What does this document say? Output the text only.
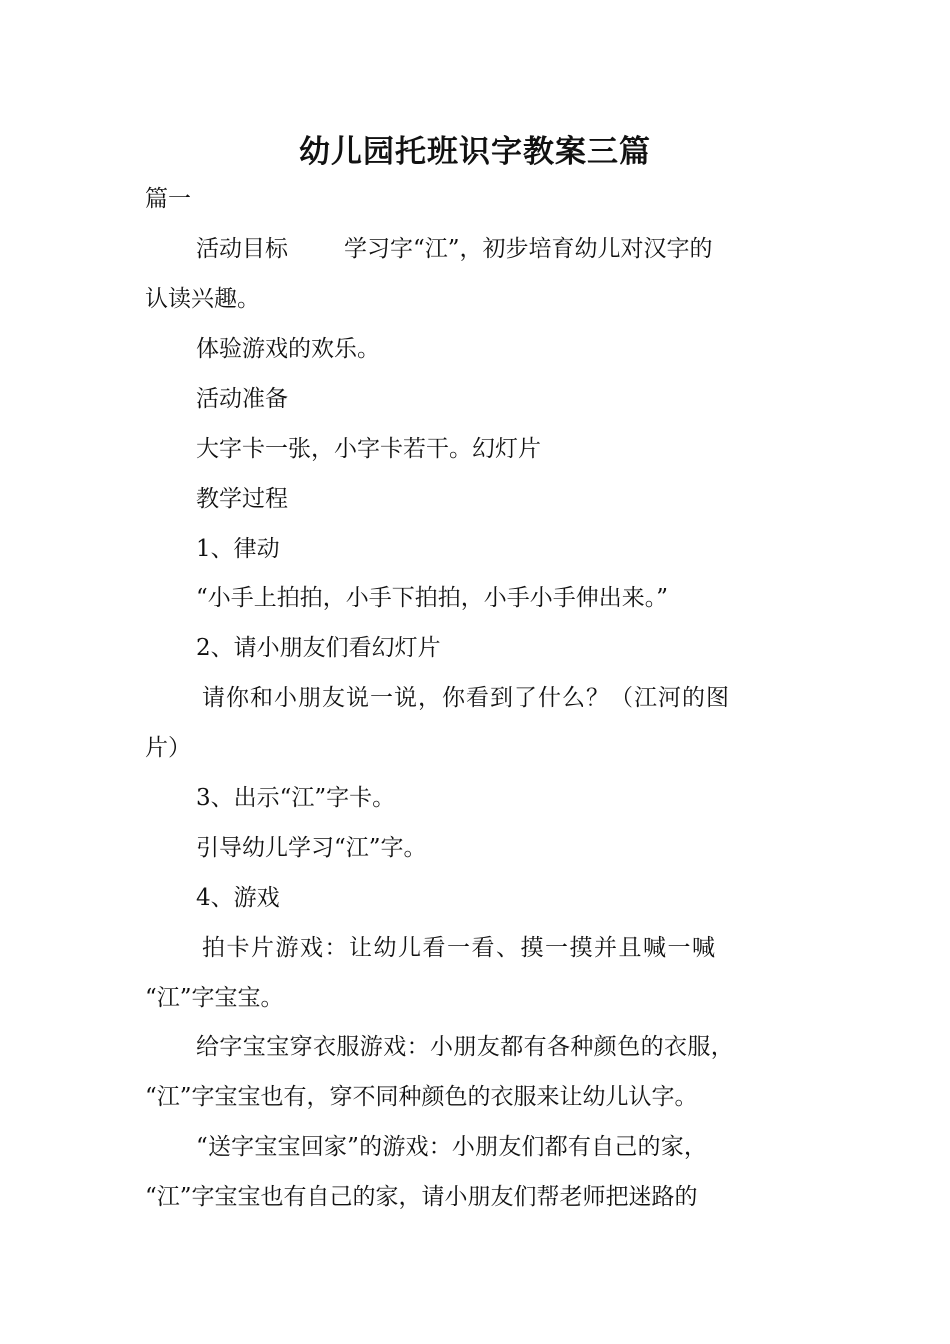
幼儿园托班识字教案三篇
篇一
活动目标 学习字“江”，初步培育幼儿对汉字的
认读兴趣。
体验游戏的欢乐。
活动准备
大字卡一张，小字卡若干。幻灯片
教学过程
1、律动
“小手上拍拍，小手下拍拍，小手小手伸出来。”
2、请小朋友们看幻灯片
请你和小朋友说一说，你看到了什么？（江河的图
片）
3、出示“江”字卡。
引导幼儿学习“江”字。
4、游戏
拍卡片游戏：让幼儿看一看、摸一摸并且喊一喊
“江”字宝宝。
给字宝宝穿衣服游戏：小朋友都有各种颜色的衣服，
“江”字宝宝也有，穿不同种颜色的衣服来让幼儿认字。
“送字宝宝回家”的游戏：小朋友们都有自己的家，
“江”字宝宝也有自己的家，请小朋友们帮老师把迷路的
